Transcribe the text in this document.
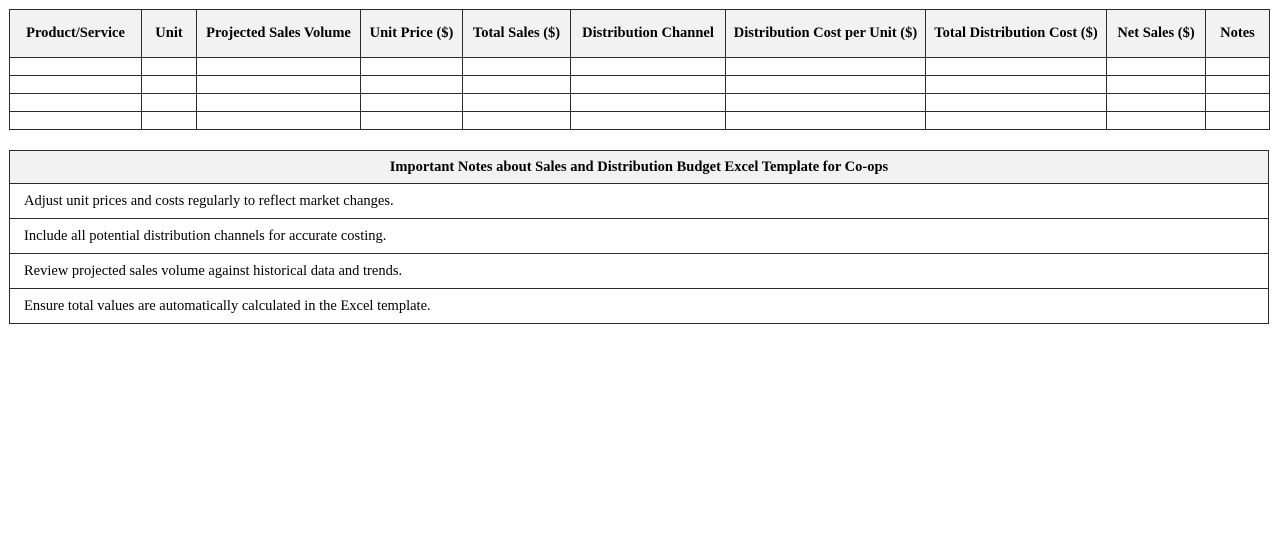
Product/Service	Unit	Projected Sales Volume	Unit Price ($)	Total Sales ($)	Distribution Channel	Distribution Cost per Unit ($)	Total Distribution Cost ($)	Net Sales ($)	Notes

Important Notes about Sales and Distribution Budget Excel Template for Co-ops
Adjust unit prices and costs regularly to reflect market changes.
Include all potential distribution channels for accurate costing.
Review projected sales volume against historical data and trends.
Ensure total values are automatically calculated in the Excel template.
